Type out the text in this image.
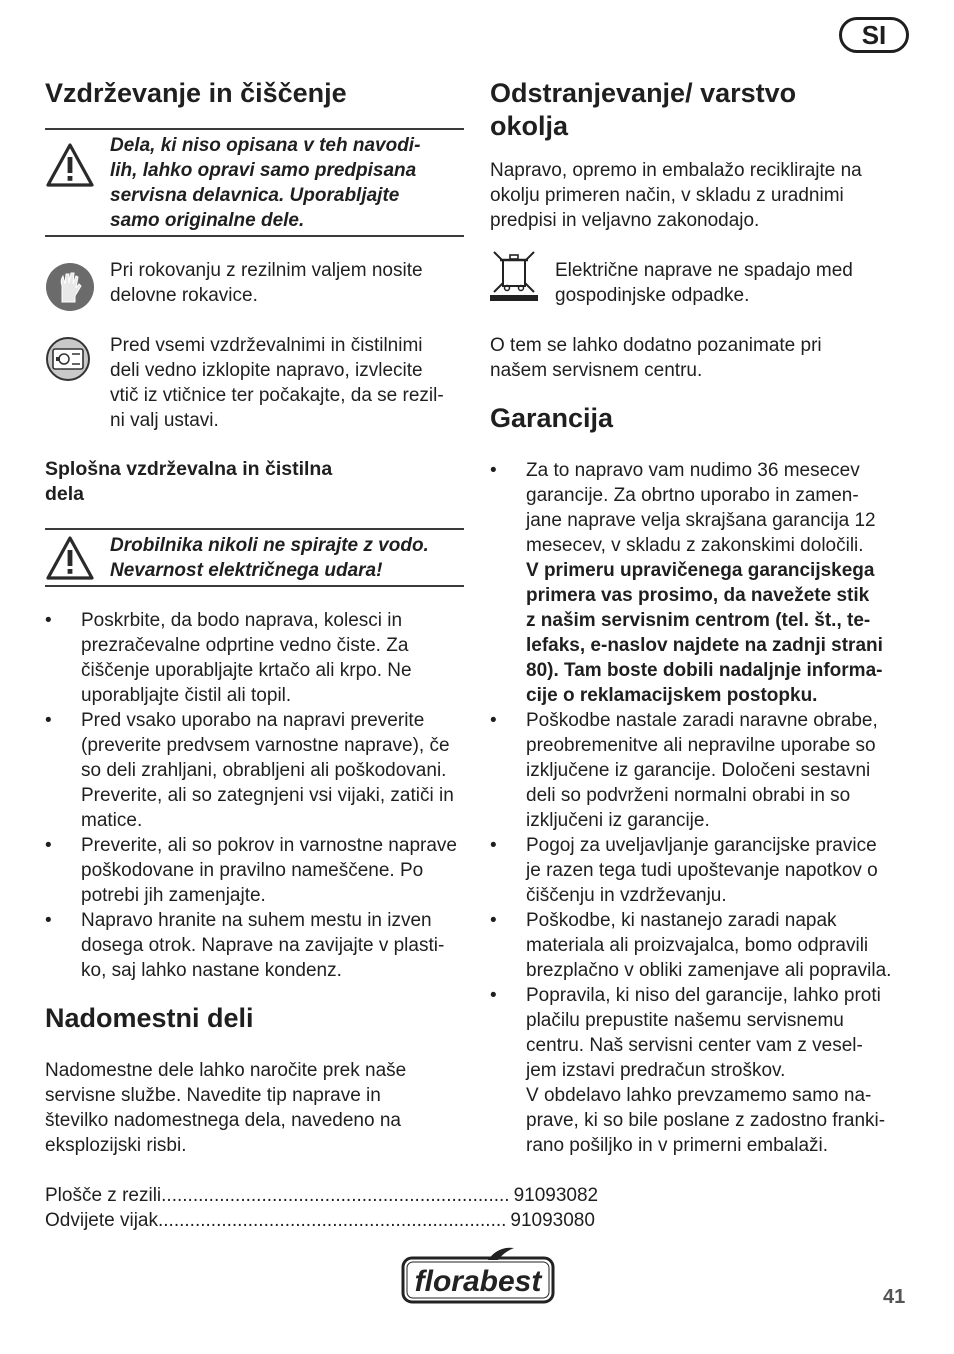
SI
Vzdrževanje in čiščenje
Dela, ki niso opisana v teh navodi-
lih, lahko opravi samo predpisana
servisna delavnica. Uporabljajte
samo originalne dele.
Pri rokovanju z rezilnim valjem nosite
delovne rokavice.
Pred vsemi vzdrževalnimi in čistilnimi
deli vedno izklopite napravo, izvlecite
vtič iz vtičnice ter počakajte, da se rezil-
ni valj ustavi.
Splošna vzdrževalna in čistilna
dela
Drobilnika nikoli ne spirajte z vodo.
Nevarnost električnega udara!
• Poskrbite, da bodo naprava, kolesci in
prezračevalne odprtine vedno čiste. Za
čiščenje uporabljajte krtačo ali krpo. Ne
uporabljajte čistil ali topil.
• Pred vsako uporabo na napravi preverite
(preverite predvsem varnostne naprave), če
so deli zrahljani, obrabljeni ali poškodovani.
Preverite, ali so zategnjeni vsi vijaki, zatiči in
matice.
• Preverite, ali so pokrov in varnostne naprave
poškodovane in pravilno nameščene. Po
potrebi jih zamenjajte.
• Napravo hranite na suhem mestu in izven
dosega otrok. Naprave na zavijajte v plasti-
ko, saj lahko nastane kondenz.
Nadomestni deli
Nadomestne dele lahko naročite prek naše
servisne službe. Navedite tip naprave in
številko nadomestnega dela, navedeno na
eksplozijski risbi.
Plošče z rezili .................................................................. 91093082
Odvijete vijak .................................................................. 91093080
Odstranjevanje/ varstvo
okolja
Napravo, opremo in embalažo reciklirajte na
okolju primeren način, v skladu z uradnimi
predpisi in veljavno zakonodajo.
Električne naprave ne spadajo med
gospodinjske odpadke.
O tem se lahko dodatno pozanimate pri
našem servisnem centru.
Garancija
• Za to napravo vam nudimo 36 mesecev
garancije. Za obrtno uporabo in zamen-
jane naprave velja skrajšana garancija 12
mesecev, v skladu z zakonskimi določili.
V primeru upravičenega garancijskega
primera vas prosimo, da navežete stik
z našim servisnim centrom (tel. št., te-
lefaks, e-naslov najdete na zadnji strani
80). Tam boste dobili nadaljnje informa-
cije o reklamacijskem postopku.
• Poškodbe nastale zaradi naravne obrabe,
preobremenitve ali nepravilne uporabe so
izključene iz garancije. Določeni sestavni
deli so podvrženi normalni obrabi in so
izključeni iz garancije.
• Pogoj za uveljavljanje garancijske pravice
je razen tega tudi upoštevanje napotkov o
čiščenju in vzdrževanju.
• Poškodbe, ki nastanejo zaradi napak
materiala ali proizvajalca, bomo odpravili
brezplačno v obliki zamenjave ali popravila.
• Popravila, ki niso del garancije, lahko proti
plačilu prepustite našemu servisnemu
centru. Naš servisni center vam z vesel-
jem izstavi predračun stroškov.
V obdelavo lahko prevzamemo samo na-
prave, ki so bile poslane z zadostno franki-
rano pošiljko in v primerni embalaži.
florabest	41
